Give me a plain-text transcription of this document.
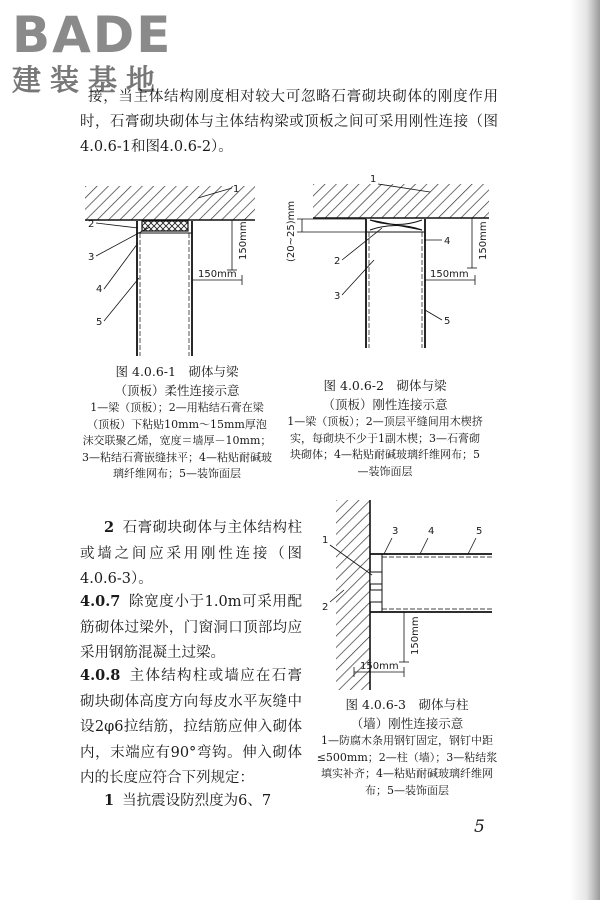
BADE
建装基地

接，当主体结构刚度相对较大可忽略石膏砌块砌体的刚度作用时，石膏砌块砌体与主体结构梁或顶板之间可采用刚性连接（图4.0.6-1和图4.0.6-2）。

150mm
150mm
1
2
3
4
5
图 4.0.6-1　砌体与梁
（顶板）柔性连接示意
1—梁（顶板）；2—用粘结石膏在梁（顶板）下粘贴10mm～15mm厚泡沫交联聚乙烯，宽度＝墙厚－10mm；3—粘结石膏嵌缝抹平；4—粘贴耐碱玻璃纤维网布；5—装饰面层
(20~25)mm	150mm
150mm
1
2
3
4
5
图 4.0.6-2　砌体与梁
（顶板）刚性连接示意
1—梁（顶板）；2—顶层平缝间用木楔挤实，每砌块不少于1副木楔；3—石膏砌块砌体；4—粘贴耐碱玻璃纤维网布；5—装饰面层
150mm
150mm
1
2
3	4	5
图 4.0.6-3　砌体与柱
（墙）刚性连接示意
1—防腐木条用钢钉固定，钢钉中距≤500mm；2—柱（墙）；3—粘结浆填实补齐；4—粘贴耐碱玻璃纤维网布；5—装饰面层

2 石膏砌块砌体与主体结构柱或墙之间应采用刚性连接（图4.0.6-3）。

4.0.7 除宽度小于1.0m可采用配筋砌体过梁外，门窗洞口顶部均应采用钢筋混凝土过梁。

4.0.8 主体结构柱或墙应在石膏砌块砌体高度方向每皮水平灰缝中设2φ6拉结筋，拉结筋应伸入砌体内，末端应有90°弯钩。伸入砌体内的长度应符合下列规定：

1 当抗震设防烈度为6、7

5
